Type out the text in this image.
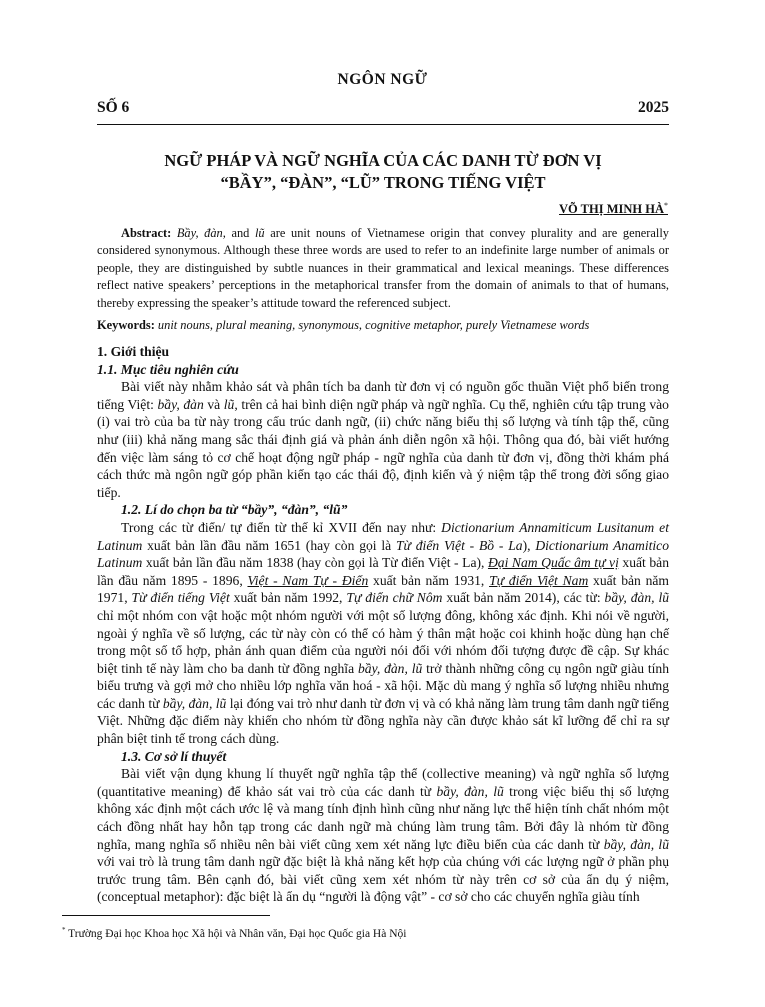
NGÔN NGỮ
SỐ 6	2025
NGỮ PHÁP VÀ NGỮ NGHĨA CỦA CÁC DANH TỪ ĐƠN VỊ
“BẦY”, “ĐÀN”, “LŨ” TRONG TIẾNG VIỆT
VÕ THỊ MINH HÀ*
Abstract: Bầy, đàn, and lũ are unit nouns of Vietnamese origin that convey plurality and are generally considered synonymous. Although these three words are used to refer to an indefinite large number of animals or people, they are distinguished by subtle nuances in their grammatical and lexical meanings. These differences reflect native speakers’ perceptions in the metaphorical transfer from the domain of animals to that of humans, thereby expressing the speaker’s attitude toward the referenced subject.
Keywords: unit nouns, plural meaning, synonymous, cognitive metaphor, purely Vietnamese words
1. Giới thiệu
1.1. Mục tiêu nghiên cứu

Bài viết này nhằm khảo sát và phân tích ba danh từ đơn vị có nguồn gốc thuần Việt phổ biến trong tiếng Việt: bầy, đàn và lũ, trên cả hai bình diện ngữ pháp và ngữ nghĩa. Cụ thể, nghiên cứu tập trung vào (i) vai trò của ba từ này trong cấu trúc danh ngữ, (ii) chức năng biểu thị số lượng và tính tập thể, cũng như (iii) khả năng mang sắc thái định giá và phản ánh diễn ngôn xã hội. Thông qua đó, bài viết hướng đến việc làm sáng tỏ cơ chế hoạt động ngữ pháp - ngữ nghĩa của danh từ đơn vị, đồng thời khám phá cách thức mà ngôn ngữ góp phần kiến tạo các thái độ, định kiến và ý niệm tập thể trong đời sống giao tiếp.

1.2. Lí do chọn ba từ “bầy”, “đàn”, “lũ”

Trong các từ điển/ tự điển từ thế kỉ XVII đến nay như: Dictionarium Annamiticum Lusitanum et Latinum xuất bản lần đầu năm 1651 (hay còn gọi là Từ điển Việt - Bồ - La), Dictionarium Anamitico Latinum xuất bản lần đầu năm 1838 (hay còn gọi là Từ điển Việt - La), Đại Nam Quấc âm tự vị xuất bản lần đầu năm 1895 - 1896, Việt - Nam Tự - Điển xuất bản năm 1931, Tự điển Việt Nam xuất bản năm 1971, Từ điển tiếng Việt xuất bản năm 1992, Tự điển chữ Nôm xuất bản năm 2014), các từ: bầy, đàn, lũ chỉ một nhóm con vật hoặc một nhóm người với một số lượng đông, không xác định. Khi nói về người, ngoài ý nghĩa về số lượng, các từ này còn có thể có hàm ý thân mật hoặc coi khinh hoặc dùng hạn chế trong một số tổ hợp, phản ánh quan điểm của người nói đối với nhóm đối tượng được đề cập. Sự khác biệt tinh tế này làm cho ba danh từ đồng nghĩa bầy, đàn, lũ trở thành những công cụ ngôn ngữ giàu tính biểu trưng và gợi mở cho nhiều lớp nghĩa văn hoá - xã hội. Mặc dù mang ý nghĩa số lượng nhiều nhưng các danh từ bầy, đàn, lũ lại đóng vai trò như danh từ đơn vị và có khả năng làm trung tâm danh ngữ tiếng Việt. Những đặc điểm này khiến cho nhóm từ đồng nghĩa này cần được khảo sát kĩ lưỡng để chỉ ra sự phân biệt tinh tế trong cách dùng.

1.3. Cơ sở lí thuyết

Bài viết vận dụng khung lí thuyết ngữ nghĩa tập thể (collective meaning) và ngữ nghĩa số lượng (quantitative meaning) để khảo sát vai trò của các danh từ bầy, đàn, lũ trong việc biểu thị số lượng không xác định một cách ước lệ và mang tính định hình cũng như năng lực thể hiện tính chất nhóm một cách đồng nhất hay hỗn tạp trong các danh ngữ mà chúng làm trung tâm. Bởi đây là nhóm từ đồng nghĩa, mang nghĩa số nhiều nên bài viết cũng xem xét năng lực điều biến của các danh từ bầy, đàn, lũ với vai trò là trung tâm danh ngữ đặc biệt là khả năng kết hợp của chúng với các lượng ngữ ở phần phụ trước trung tâm. Bên cạnh đó, bài viết cũng xem xét nhóm từ này trên cơ sở của ẩn dụ ý niệm, (conceptual metaphor): đặc biệt là ẩn dụ “người là động vật” - cơ sở cho các chuyển nghĩa giàu tính

* Trường Đại học Khoa học Xã hội và Nhân văn, Đại học Quốc gia Hà Nội
